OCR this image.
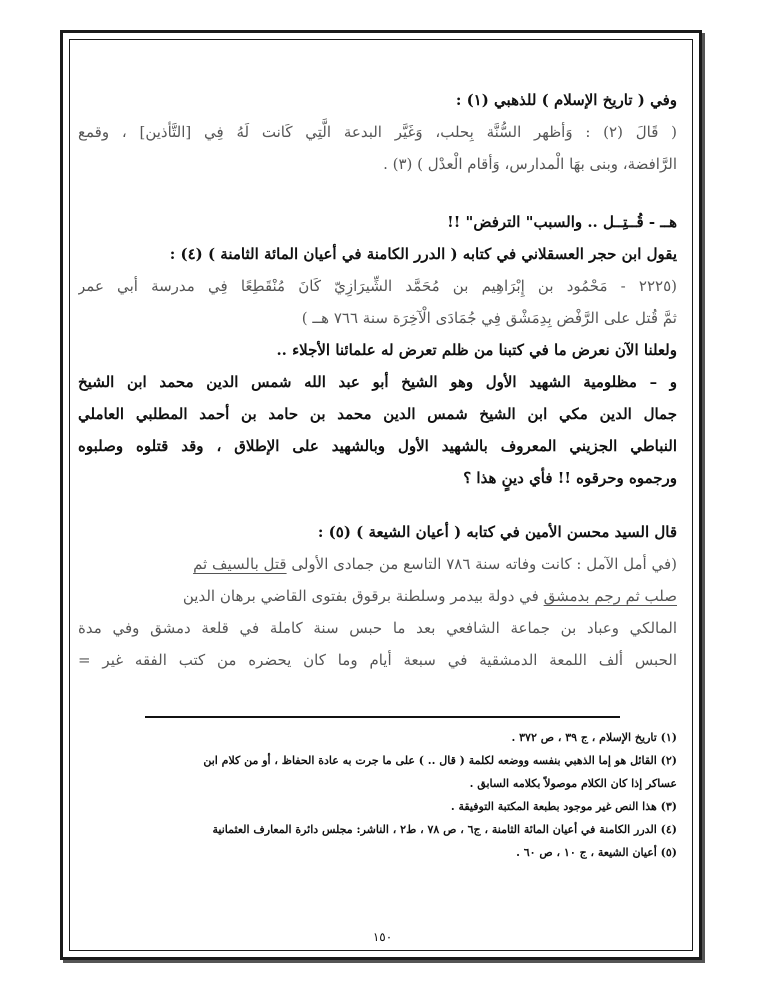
وفي ( تاريخ الإسلام ) للذهبي (١) :
( قَالَ (٢) : وَأظهر السُّنَّة بِحلب، وَغَيَّر البدعة الَّتِي كَانت لَهُ فِي [التَّأذين] ، وقمع
الرَّافضة، وبنى بهَا الْمدارس، وَأقام الْعدْل ) (٣) .
هــ - قُــتِــل .. والسبب" الترفض" !!
يقول ابن حجر العسقلاني في كتابه ( الدرر الكامنة في أعيان المائة الثامنة ) (٤) :
(٢٢٢٥ - مَحْمُود بن إِبْرَاهِيم بن مُحَمَّد الشِّيرَازِيّ كَانَ مُنْقَطِعًا فِي مدرسة أبي عمر
ثمَّ قُتل على الرَّفْض بِدِمَشْق فِي جُمَادَى الْآخِرَة سنة ٧٦٦ هــ )
ولعلنا الآن نعرض ما في كتبنا من ظلم تعرض له علمائنا الأجلاء ..
و – مظلومية الشهيد الأول وهو الشيخ أبو عبد الله شمس الدين محمد ابن الشيخ
جمال الدين مكي ابن الشيخ شمس الدين محمد بن حامد بن أحمد المطلبي العاملي
النباطي الجزيني المعروف بالشهيد الأول وبالشهيد على الإطلاق ، وقد قتلوه وصلبوه
ورجموه وحرقوه !! فأي دينٍ هذا ؟
قال السيد محسن الأمين في كتابه ( أعيان الشيعة ) (٥) :
(في أمل الآمل : كانت وفاته سنة ٧٨٦ التاسع من جمادى الأولى قتل بالسيف ثم
صلب ثم رجم بدمشق في دولة بيدمر وسلطنة برقوق بفتوى القاضي برهان الدين
المالكي وعباد بن جماعة الشافعي بعد ما حبس سنة كاملة في قلعة دمشق وفي مدة
الحبس ألف اللمعة الدمشقية في سبعة أيام وما كان يحضره من كتب الفقه غير =
(١) تاريخ الإسلام ، ج ٣٩ ، ص ٣٧٢ .
(٢) القائل هو إما الذهبي بنفسه ووضعه لكلمة ( قال .. ) على ما جرت به عادة الحفاظ ، أو من كلام ابن
عساكر إذا كان الكلام موصولاً بكلامه السابق .
(٣) هذا النص غير موجود بطبعة المكتبة التوفيقة .
(٤) الدرر الكامنة في أعيان المائة الثامنة ، ج٦ ، ص ٧٨ ، ط٢ ، الناشر: مجلس دائرة المعارف العثمانية
(٥) أعيان الشيعة ، ج ١٠ ، ص ٦٠ .
١٥٠
